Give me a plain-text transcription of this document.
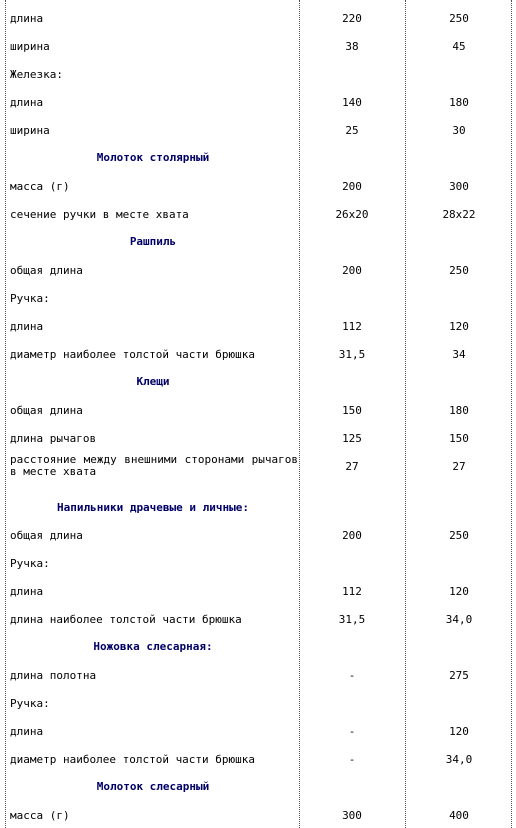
длина	220	250
ширина	38	45
Железка:
длина	140	180
ширина	25	30
Молоток столярный
масса (г)	200	300
сечение ручки в месте хвата	26x20	28x22
Рашпиль
общая длина	200	250
Ручка:
длина	112	120
диаметр наиболее толстой части брюшка	31,5	34
Клещи
общая длина	150	180
длина рычагов	125	150
расстояние между внешними сторонами рычагов в месте хвата	27	27
Напильники драчевые и личные:
общая длина	200	250
Ручка:
длина	112	120
длина наиболее толстой части брюшка	31,5	34,0
Ножовка слесарная:
длина полотна	-	275
Ручка:
длина	-	120
диаметр наиболее толстой части брюшка	-	34,0
Молоток слесарный
масса (г)	300	400
